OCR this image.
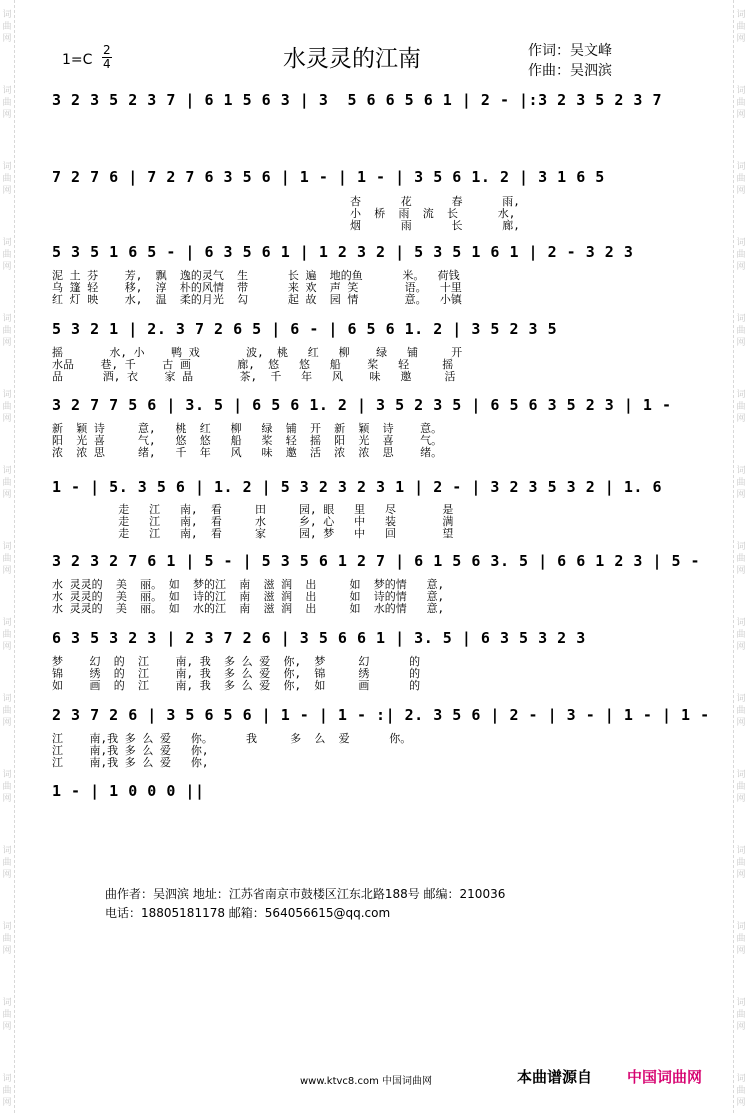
词
曲
网
词
曲
网
词
曲
网
词
曲
网
词
曲
网
词
曲
网
词
曲
网
词
曲
网
词
曲
网
词
曲
网
词
曲
网
词
曲
网
词
曲
网
词
曲
网
词
曲
网
词
曲
网
词
曲
网
词
曲
网
词
曲
网
词
曲
网
词
曲
网
词
曲
网
词
曲
网
词
曲
网
词
曲
网
词
曲
网
词
曲
网
词
曲
网
词
曲
网
词
曲
网
1=C
2
4	水灵灵的江南	作词：吴文峰
作曲：吴泗滨
3 2 3 5 2 3 7 | 6 1 5 6 3 | 3  5 6 6 5 6 1 | 2 - |:3 2 3 5 2 3 7
7 2 7 6 | 7 2 7 6 3 5 6 | 1 - | 1 - | 3 5 6 1. 2 | 3 1 6 5
杏      花      春      雨,
小  桥  雨  流  长      水,
烟      雨      长      廊,
5 3 5 1 6 5 - | 6 3 5 6 1 | 1 2 3 2 | 5 3 5 1 6 1 | 2 - 3 2 3
泥 土 芬    芳,  飘  逸的灵气  生      长 遍  地的鱼      米。  荷钱
乌 篷 轻    移,  淳  朴的风情  带      来 欢  声 笑       语。  十里
红 灯 映    水,  温  柔的月光  勾      起 故  园 情       意。  小镇
5 3 2 1 | 2. 3 7 2 6 5 | 6 - | 6 5 6 1. 2 | 3 5 2 3 5
摇       水, 小    鸭 戏       波,  桃   红   柳    绿   铺     开
水品    巷, 千    古 画       廊,  悠   悠   船    桨   轻     摇
品      酒, 衣    家 晶       茶,  千   年   风    味   邀     活
3 2 7 7 5 6 | 3. 5 | 6 5 6 1. 2 | 3 5 2 3 5 | 6 5 6 3 5 2 3 | 1 -
新  颖 诗     意,   桃  红   柳   绿  铺  开  新  颖  诗    意。
阳  光 喜     气,   悠  悠   船   桨  轻  摇  阳  光  喜    气。
浓  浓 思     绪,   千  年   风   味  邀  活  浓  浓  思    绪。
1 - | 5. 3 5 6 | 1. 2 | 5 3 2 3 2 3 1 | 2 - | 3 2 3 5 3 2 | 1. 6
走   江   南,  看     田     园, 眼   里   尽       是
走   江   南,  看     水     乡, 心   中   装       满
走   江   南,  看     家     园, 梦   中   回       望
3 2 3 2 7 6 1 | 5 - | 5 3 5 6 1 2 7 | 6 1 5 6 3. 5 | 6 6 1 2 3 | 5 -
水 灵灵的  美  丽。 如  梦的江  南  滋 润  出     如  梦的情   意,
水 灵灵的  美  丽。 如  诗的江  南  滋 润  出     如  诗的情   意,
水 灵灵的  美  丽。 如  水的江  南  滋 润  出     如  水的情   意,
6 3 5 3 2 3 | 2 3 7 2 6 | 3 5 6 6 1 | 3. 5 | 6 3 5 3 2 3
梦    幻  的  江    南, 我  多 么 爱  你,  梦     幻      的
锦    绣  的  江    南, 我  多 么 爱  你,  锦     绣      的
如    画  的  江    南, 我  多 么 爱  你,  如     画      的
2 3 7 2 6 | 3 5 6 5 6 | 1 - | 1 - :| 2. 3 5 6 | 2 - | 3 - | 1 - | 1 -
江    南,我 多 么 爱   你。     我     多  么  爱      你。
江    南,我 多 么 爱   你,
江    南,我 多 么 爱   你,
1 - | 1 0 0 0 ||
曲作者：吴泗滨 地址：江苏省南京市鼓楼区江东北路188号 邮编：210036
电话：18805181178 邮箱：564056615@qq.com
www.ktvc8.com 中国词曲网	本曲谱源自 中国词曲网
